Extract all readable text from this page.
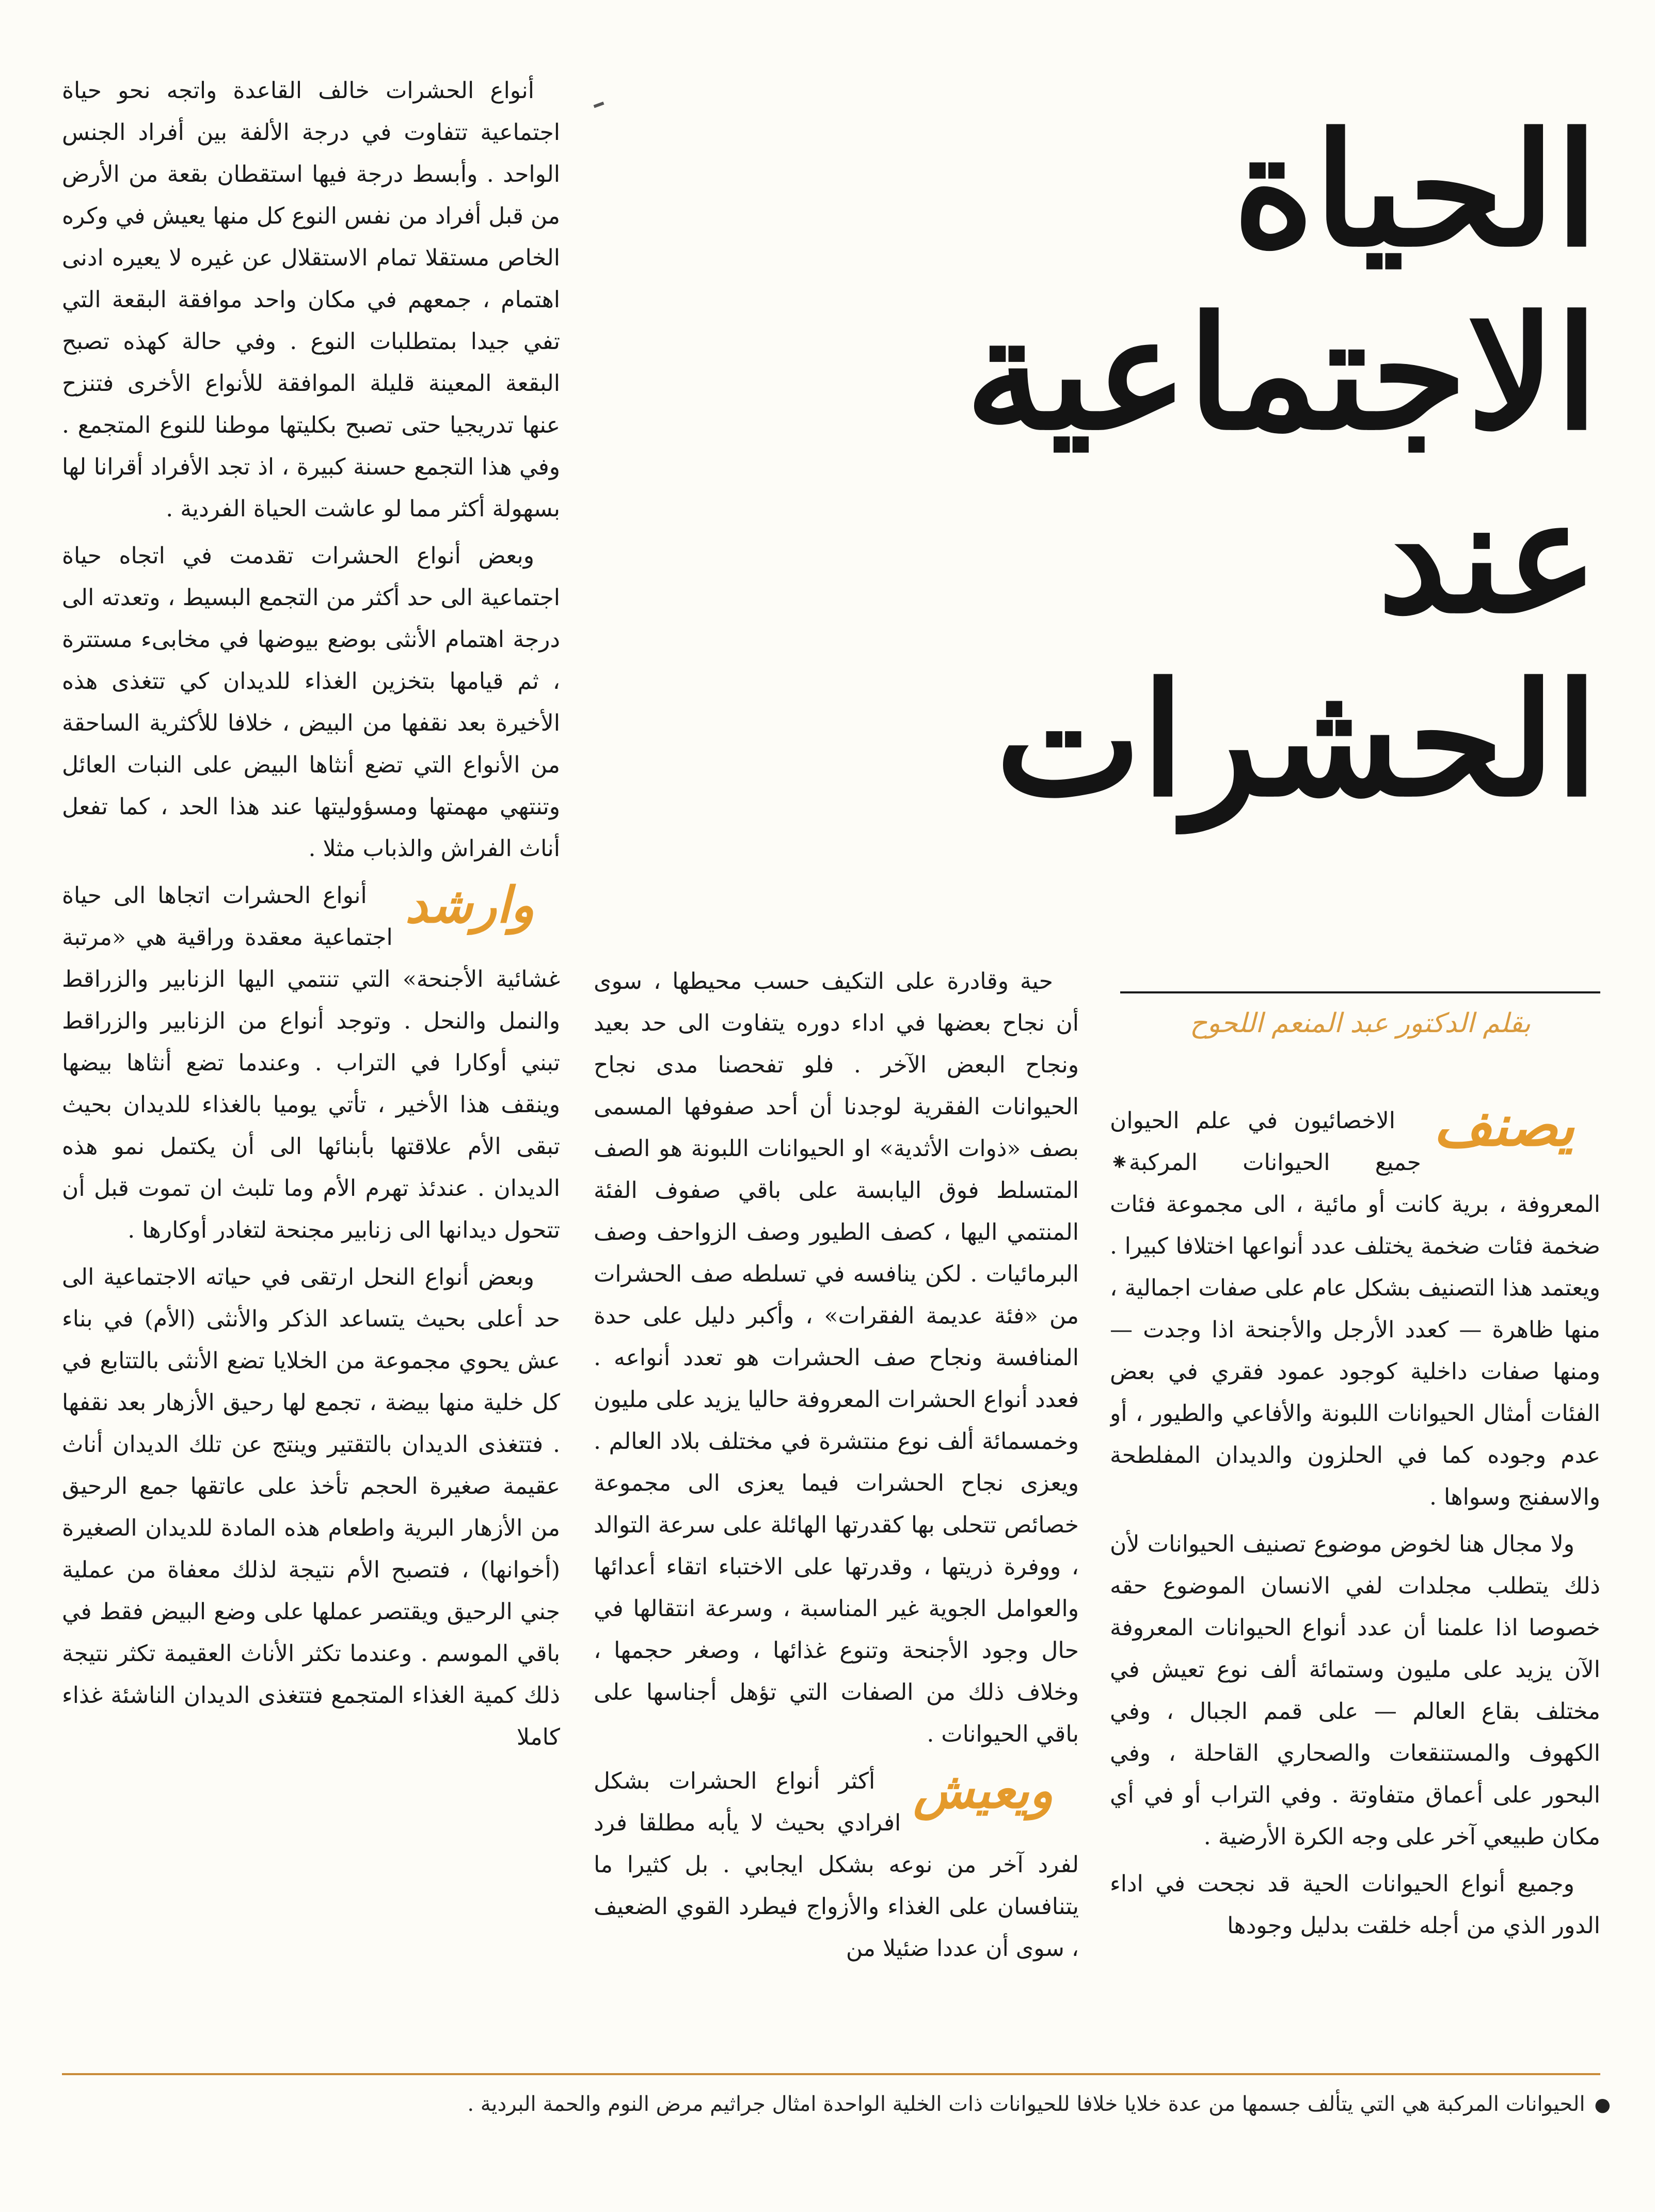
الحياة
الاجتماعية
عند
الحشرات
بقلم الدكتور عبد المنعم اللحوح

يصنف
الاخصائيون في علم الحيوان جميع الحيوانات المركبة⁕ المعروفة ، برية كانت أو مائية ، الى مجموعة فئات ضخمة فئات ضخمة يختلف عدد أنواعها اختلافا كبيرا . ويعتمد هذا التصنيف بشكل عام على صفات اجمالية ، منها ظاهرة — كعدد الأرجل والأجنحة اذا وجدت — ومنها صفات داخلية كوجود عمود فقري في بعض الفئات أمثال الحيوانات اللبونة والأفاعي والطيور ، أو عدم وجوده كما في الحلزون والديدان المفلطحة والاسفنج وسواها .

ولا مجال هنا لخوض موضوع تصنيف الحيوانات لأن ذلك يتطلب مجلدات لفي الانسان الموضوع حقه خصوصا اذا علمنا أن عدد أنواع الحيوانات المعروفة الآن يزيد على مليون وستمائة ألف نوع تعيش في مختلف بقاع العالم — على قمم الجبال ، وفي الكهوف والمستنقعات والصحاري القاحلة ، وفي البحور على أعماق متفاوتة . وفي التراب أو في أي مكان طبيعي آخر على وجه الكرة الأرضية .

وجميع أنواع الحيوانات الحية قد نجحت في اداء الدور الذي من أجله خلقت بدليل وجودها

حية وقادرة على التكيف حسب محيطها ، سوى أن نجاح بعضها في اداء دوره يتفاوت الى حد بعيد ونجاح البعض الآخر . فلو تفحصنا مدى نجاح الحيوانات الفقرية لوجدنا أن أحد صفوفها المسمى بصف «ذوات الأثدية» او الحيوانات اللبونة هو الصف المتسلط فوق اليابسة على باقي صفوف الفئة المنتمي اليها ، كصف الطيور وصف الزواحف وصف البرمائيات . لكن ينافسه في تسلطه صف الحشرات من «فئة عديمة الفقرات» ، وأكبر دليل على حدة المنافسة ونجاح صف الحشرات هو تعدد أنواعه . فعدد أنواع الحشرات المعروفة حاليا يزيد على مليون وخمسمائة ألف نوع منتشرة في مختلف بلاد العالم . ويعزى نجاح الحشرات فيما يعزى الى مجموعة خصائص تتحلى بها كقدرتها الهائلة على سرعة التوالد ، ووفرة ذريتها ، وقدرتها على الاختباء اتقاء أعدائها والعوامل الجوية غير المناسبة ، وسرعة انتقالها في حال وجود الأجنحة وتنوع غذائها ، وصغر حجمها ، وخلاف ذلك من الصفات التي تؤهل أجناسها على باقي الحيوانات .

ويعيش
أكثر أنواع الحشرات بشكل افرادي بحيث لا يأبه مطلقا فرد لفرد آخر من نوعه بشكل ايجابي . بل كثيرا ما يتنافسان على الغذاء والأزواج فيطرد القوي الضعيف ، سوى أن عددا ضئيلا من

أنواع الحشرات خالف القاعدة واتجه نحو حياة اجتماعية تتفاوت في درجة الألفة بين أفراد الجنس الواحد . وأبسط درجة فيها استقطان بقعة من الأرض من قبل أفراد من نفس النوع كل منها يعيش في وكره الخاص مستقلا تمام الاستقلال عن غيره لا يعيره ادنى اهتمام ، جمعهم في مكان واحد موافقة البقعة التي تفي جيدا بمتطلبات النوع . وفي حالة كهذه تصبح البقعة المعينة قليلة الموافقة للأنواع الأخرى فتنزح عنها تدريجيا حتى تصبح بكليتها موطنا للنوع المتجمع . وفي هذا التجمع حسنة كبيرة ، اذ تجد الأفراد أقرانا لها بسهولة أكثر مما لو عاشت الحياة الفردية .

وبعض أنواع الحشرات تقدمت في اتجاه حياة اجتماعية الى حد أكثر من التجمع البسيط ، وتعدته الى درجة اهتمام الأنثى بوضع بيوضها في مخابىء مستترة ، ثم قيامها بتخزين الغذاء للديدان كي تتغذى هذه الأخيرة بعد نقفها من البيض ، خلافا للأكثرية الساحقة من الأنواع التي تضع أنثاها البيض على النبات العائل وتنتهي مهمتها ومسؤوليتها عند هذا الحد ، كما تفعل أناث الفراش والذباب مثلا .

وارشد
أنواع الحشرات اتجاها الى حياة اجتماعية معقدة وراقية هي «مرتبة غشائية الأجنحة» التي تنتمي اليها الزنابير والزراقط والنمل والنحل . وتوجد أنواع من الزنابير والزراقط تبني أوكارا في التراب . وعندما تضع أنثاها بيضها وينقف هذا الأخير ، تأتي يوميا بالغذاء للديدان بحيث تبقى الأم علاقتها بأبنائها الى أن يكتمل نمو هذه الديدان . عندئذ تهرم الأم وما تلبث ان تموت قبل أن تتحول ديدانها الى زنابير مجنحة لتغادر أوكارها .

وبعض أنواع النحل ارتقى في حياته الاجتماعية الى حد أعلى بحيث يتساعد الذكر والأنثى (الأم) في بناء عش يحوي مجموعة من الخلايا تضع الأنثى بالتتابع في كل خلية منها بيضة ، تجمع لها رحيق الأزهار بعد نقفها . فتتغذى الديدان بالتقتير وينتج عن تلك الديدان أناث عقيمة صغيرة الحجم تأخذ على عاتقها جمع الرحيق من الأزهار البرية واطعام هذه المادة للديدان الصغيرة (أخوانها) ، فتصبح الأم نتيجة لذلك معفاة من عملية جني الرحيق ويقتصر عملها على وضع البيض فقط في باقي الموسم . وعندما تكثر الأناث العقيمة تكثر نتيجة ذلك كمية الغذاء المتجمع فتتغذى الديدان الناشئة غذاء كاملا

●الحيوانات المركبة هي التي يتألف جسمها من عدة خلايا خلافا للحيوانات ذات الخلية الواحدة امثال جراثيم مرض النوم والحمة البردية .
